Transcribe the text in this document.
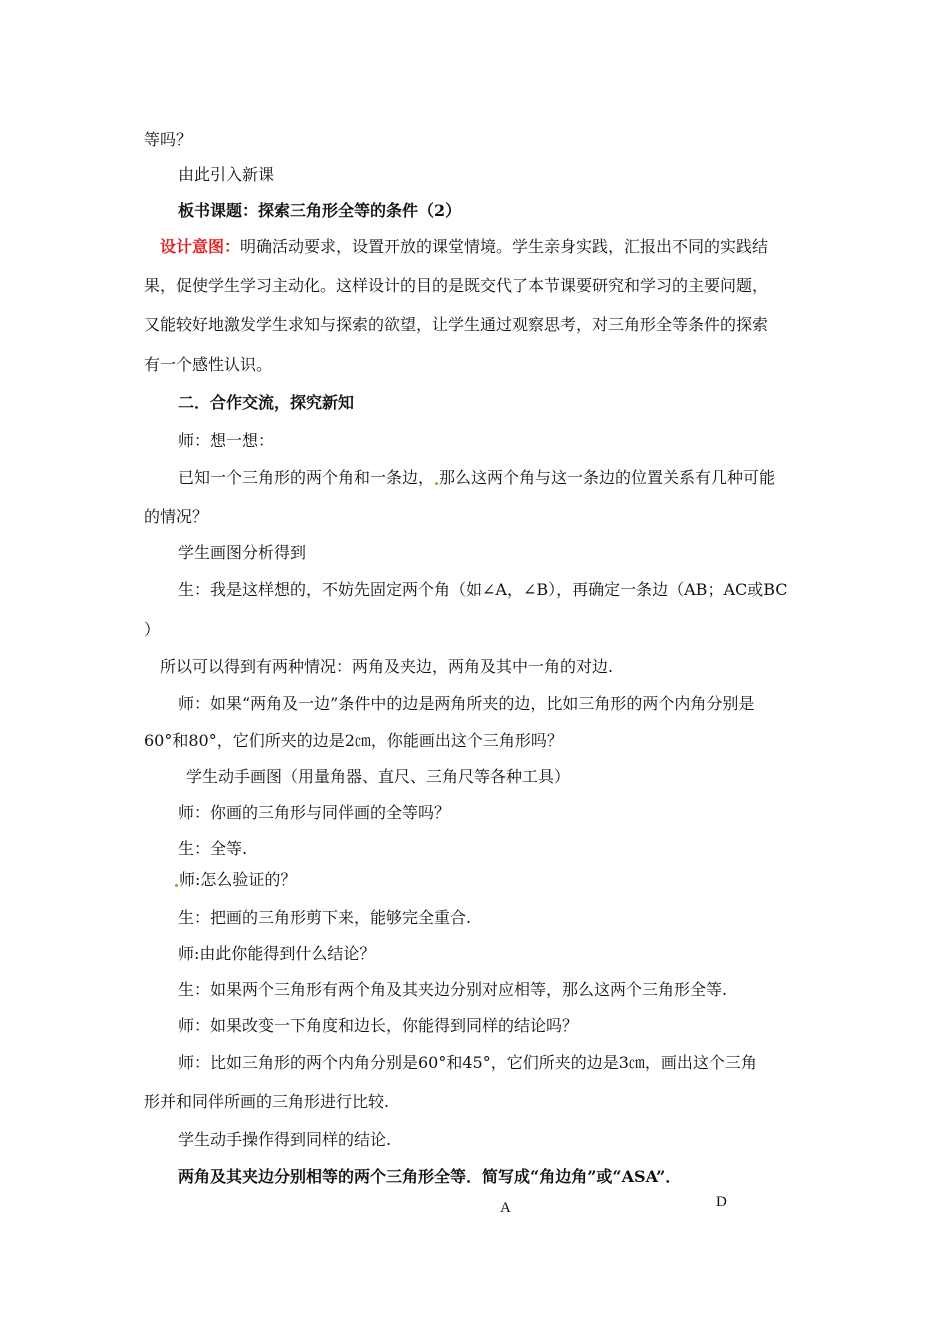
等吗？
由此引入新课
板书课题：探索三角形全等的条件（2）
设计意图：明确活动要求，设置开放的课堂情境。学生亲身实践，汇报出不同的实践结
果，促使学生学习主动化。这样设计的目的是既交代了本节课要研究和学习的主要问题，
又能较好地激发学生求知与探索的欲望，让学生通过观察思考，对三角形全等条件的探索
有一个感性认识。
二．合作交流，探究新知
师：想一想：
已知一个三角形的两个角和一条边， 那么这两个角与这一条边的位置关系有几种可能
的情况？
学生画图分析得到
生：我是这样想的，不妨先固定两个角（如∠A，∠B），再确定一条边（AB；AC或BC
）
所以可以得到有两种情况：两角及夹边，两角及其中一角的对边.
师：如果“两角及一边”条件中的边是两角所夹的边，比如三角形的两个内角分别是
60°和80°，它们所夹的边是2㎝，你能画出这个三角形吗？
学生动手画图（用量角器、直尺、三角尺等各种工具）
师：你画的三角形与同伴画的全等吗？
生：全等.
师:怎么验证的？
生：把画的三角形剪下来，能够完全重合.
师:由此你能得到什么结论？
生：如果两个三角形有两个角及其夹边分别对应相等，那么这两个三角形全等.
师：如果改变一下角度和边长，你能得到同样的结论吗？
师：比如三角形的两个内角分别是60°和45°，它们所夹的边是3㎝，画出这个三角
形并和同伴所画的三角形进行比较.
学生动手操作得到同样的结论.
两角及其夹边分别相等的两个三角形全等．简写成“角边角”或“ASA”．
A	D
